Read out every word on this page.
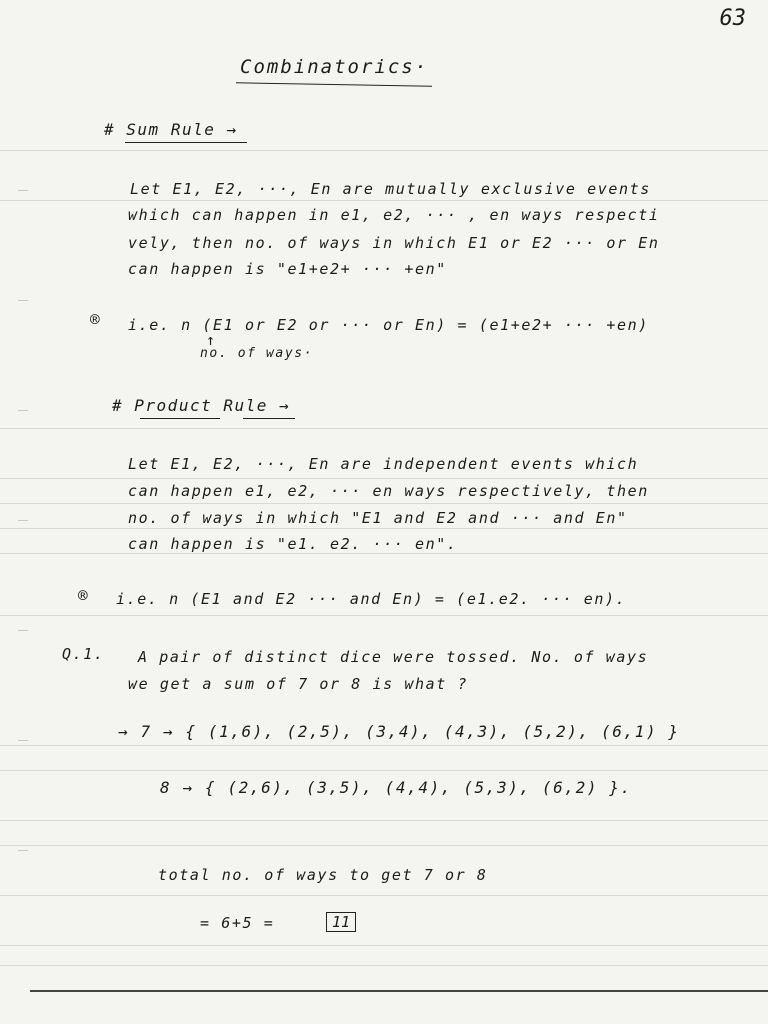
63
Combinatorics·
# Sum Rule →
Let E1, E2, ···, En are mutually exclusive events
which can happen in e1, e2, ··· , en ways respecti
vely, then no. of ways in which E1 or E2 ··· or En
can happen is "e1+e2+ ··· +en"
® i.e. n (E1 or E2 or ··· or En) = (e1+e2+ ··· +en)
↑
no. of ways·
# Product Rule →
Let E1, E2, ···, En are independent events which
can happen e1, e2, ··· en ways respectively, then
no. of ways in which "E1 and E2 and ··· and En"
can happen is "e1. e2. ··· en".
® i.e. n (E1 and E2 ··· and En) = (e1.e2. ··· en).
Q.1. A pair of distinct dice were tossed. No. of ways
we get a sum of 7 or 8 is what ?
→ 7 → { (1,6), (2,5), (3,4), (4,3), (5,2), (6,1) }
8 → { (2,6), (3,5), (4,4), (5,3), (6,2) }.
total no. of ways to get 7 or 8
= 6+5 =	11
